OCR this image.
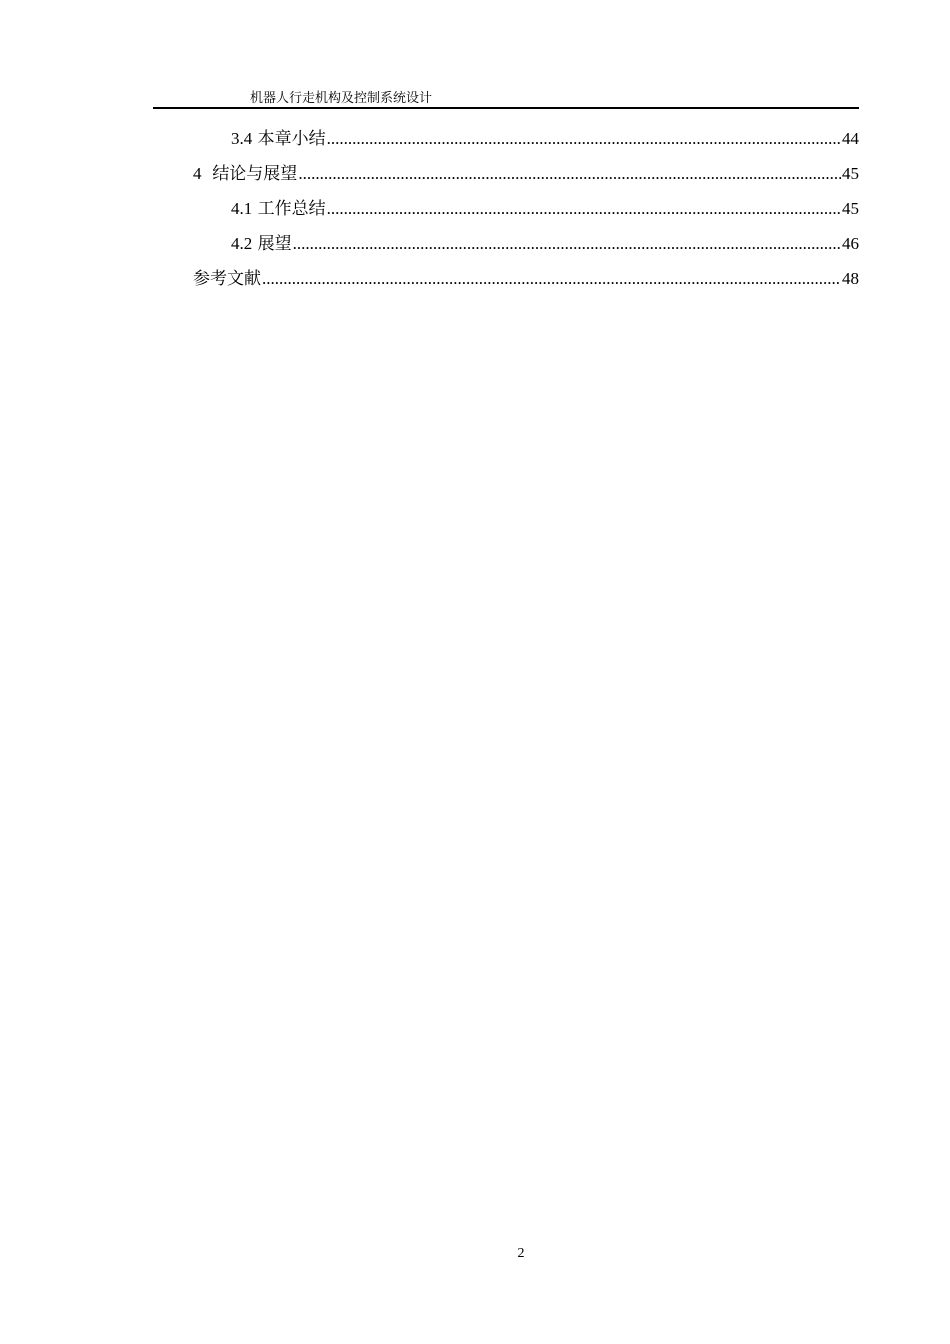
机器人行走机构及控制系统设计
3.4 本章小结 .....	44
4 结论与展望 .....	45
4.1 工作总结 .....	45
4.2 展望 .....	46
参考文献 .....	48
2
